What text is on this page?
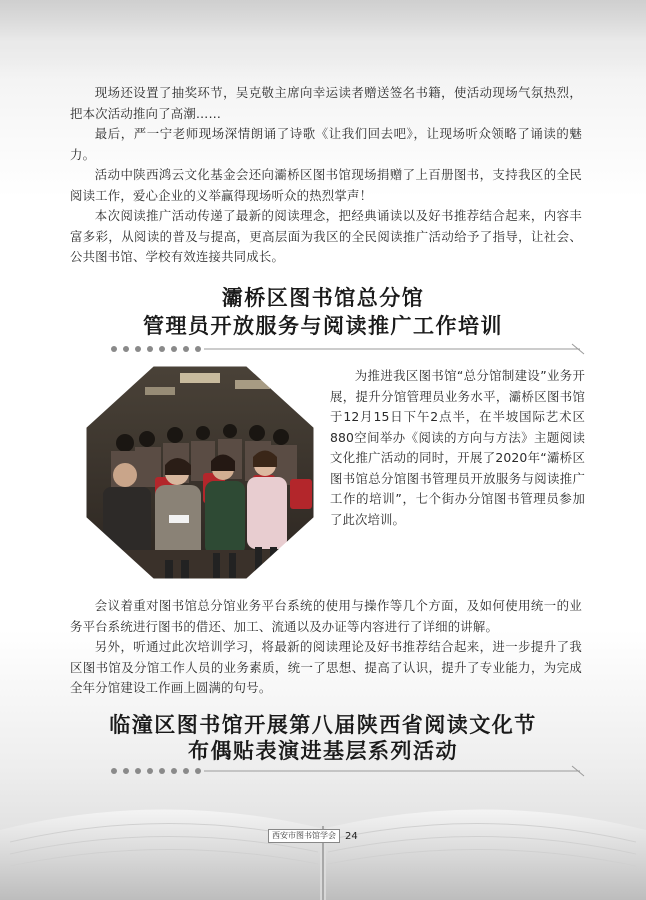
现场还设置了抽奖环节，吴克敬主席向幸运读者赠送签名书籍，使活动现场气氛热烈，把本次活动推向了高潮……

最后，严一宁老师现场深情朗诵了诗歌《让我们回去吧》，让现场听众领略了诵读的魅力。

活动中陕西鸿云文化基金会还向灞桥区图书馆现场捐赠了上百册图书，支持我区的全民阅读工作，爱心企业的义举赢得现场听众的热烈掌声！

本次阅读推广活动传递了最新的阅读理念，把经典诵读以及好书推荐结合起来，内容丰富多彩，从阅读的普及与提高，更高层面为我区的全民阅读推广活动给予了指导，让社会、公共图书馆、学校有效连接共同成长。

灞桥区图书馆总分馆
管理员开放服务与阅读推广工作培训

为推进我区图书馆“总分馆制建设”业务开展，提升分馆管理员业务水平，灞桥区图书馆于12月15日下午2点半，在半坡国际艺术区880空间举办《阅读的方向与方法》主题阅读文化推广活动的同时，开展了2020年“灞桥区图书馆总分馆图书管理员开放服务与阅读推广工作的培训”，七个街办分馆图书管理员参加了此次培训。

会议着重对图书馆总分馆业务平台系统的使用与操作等几个方面，及如何使用统一的业务平台系统进行图书的借还、加工、流通以及办证等内容进行了详细的讲解。

另外，听通过此次培训学习，将最新的阅读理论及好书推荐结合起来，进一步提升了我区图书馆及分馆工作人员的业务素质，统一了思想、提高了认识，提升了专业能力，为完成全年分馆建设工作画上圆满的句号。

临潼区图书馆开展第八届陕西省阅读文化节
布偶贴表演进基层系列活动
西安市图书馆学会 24
